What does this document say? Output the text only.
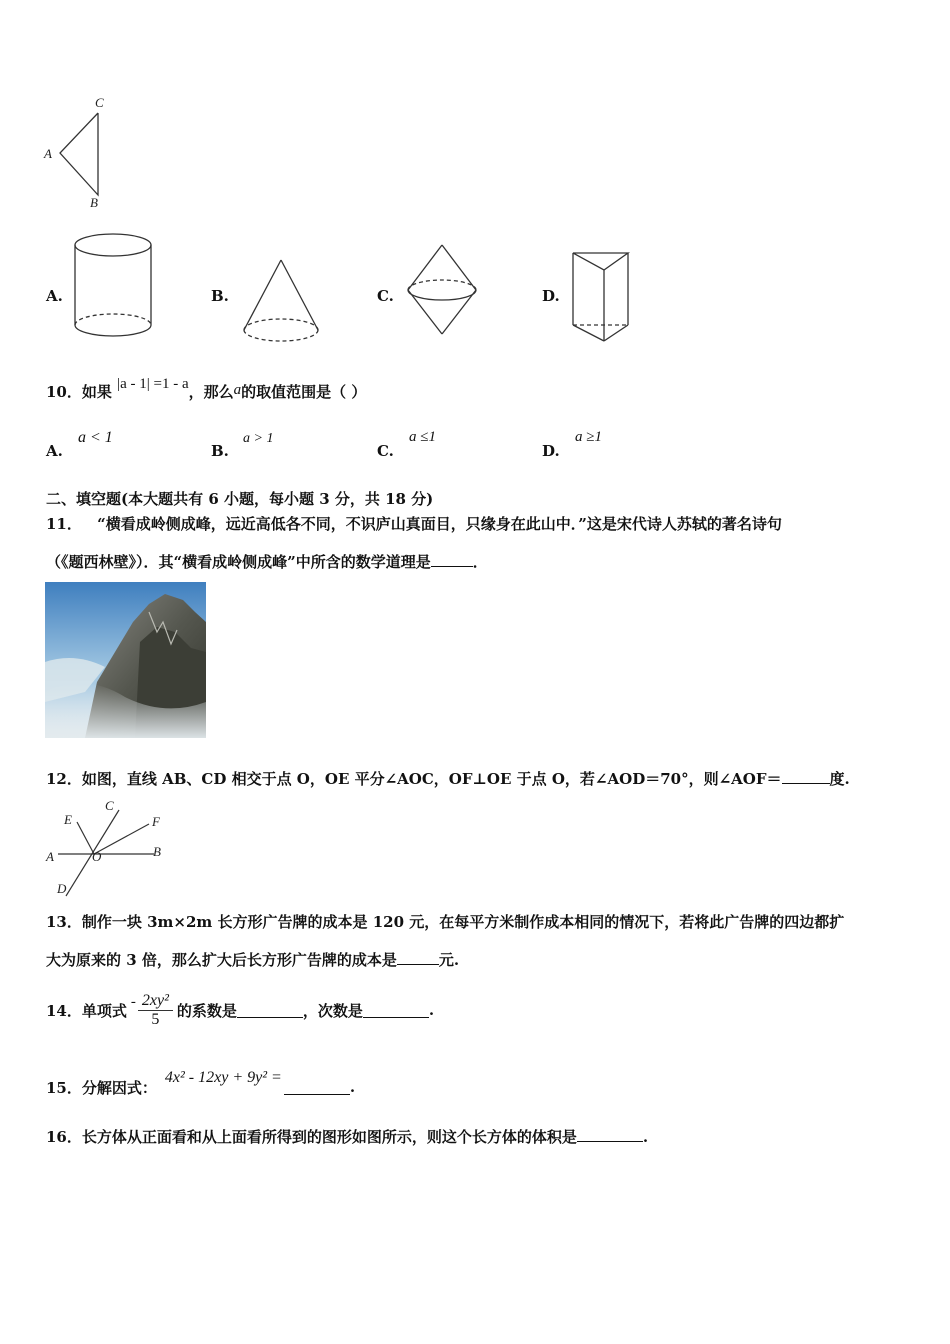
C
A
B
A.	B.	C.	D.
10．如果 |a - 1| =1 - a，那么a的取值范围是（ ）
A.
a < 1
B.
a > 1
C.
a ≤1
D.
a ≥1
二、填空题(本大题共有 6 小题，每小题 3 分，共 18 分)
11． “横看成岭侧成峰，远近高低各不同，不识庐山真面目，只缘身在此山中．”这是宋代诗人苏轼的著名诗句
（《题西林壁》）．其“横看成岭侧成峰”中所含的数学道理是	．
12．如图，直线 AB、CD 相交于点 O，OE 平分∠AOC，OF⊥OE 于点 O，若∠AOD＝70°，则∠AOF＝	度.
C
E	F
A	O	B
D
13．制作一块 3m×2m 长方形广告牌的成本是 120 元，在每平方米制作成本相同的情况下，若将此广告牌的四边都扩
大为原来的 3 倍，那么扩大后长方形广告牌的成本是	元.
14． 单项式 - $\frac{\text{2xy²}}{5}$ 的系数是	，次数是	.
15． 分解因式：
4x² - 12xy + 9y² =
.
16．长方体从正面看和从上面看所得到的图形如图所示，则这个长方体的体积是	.
